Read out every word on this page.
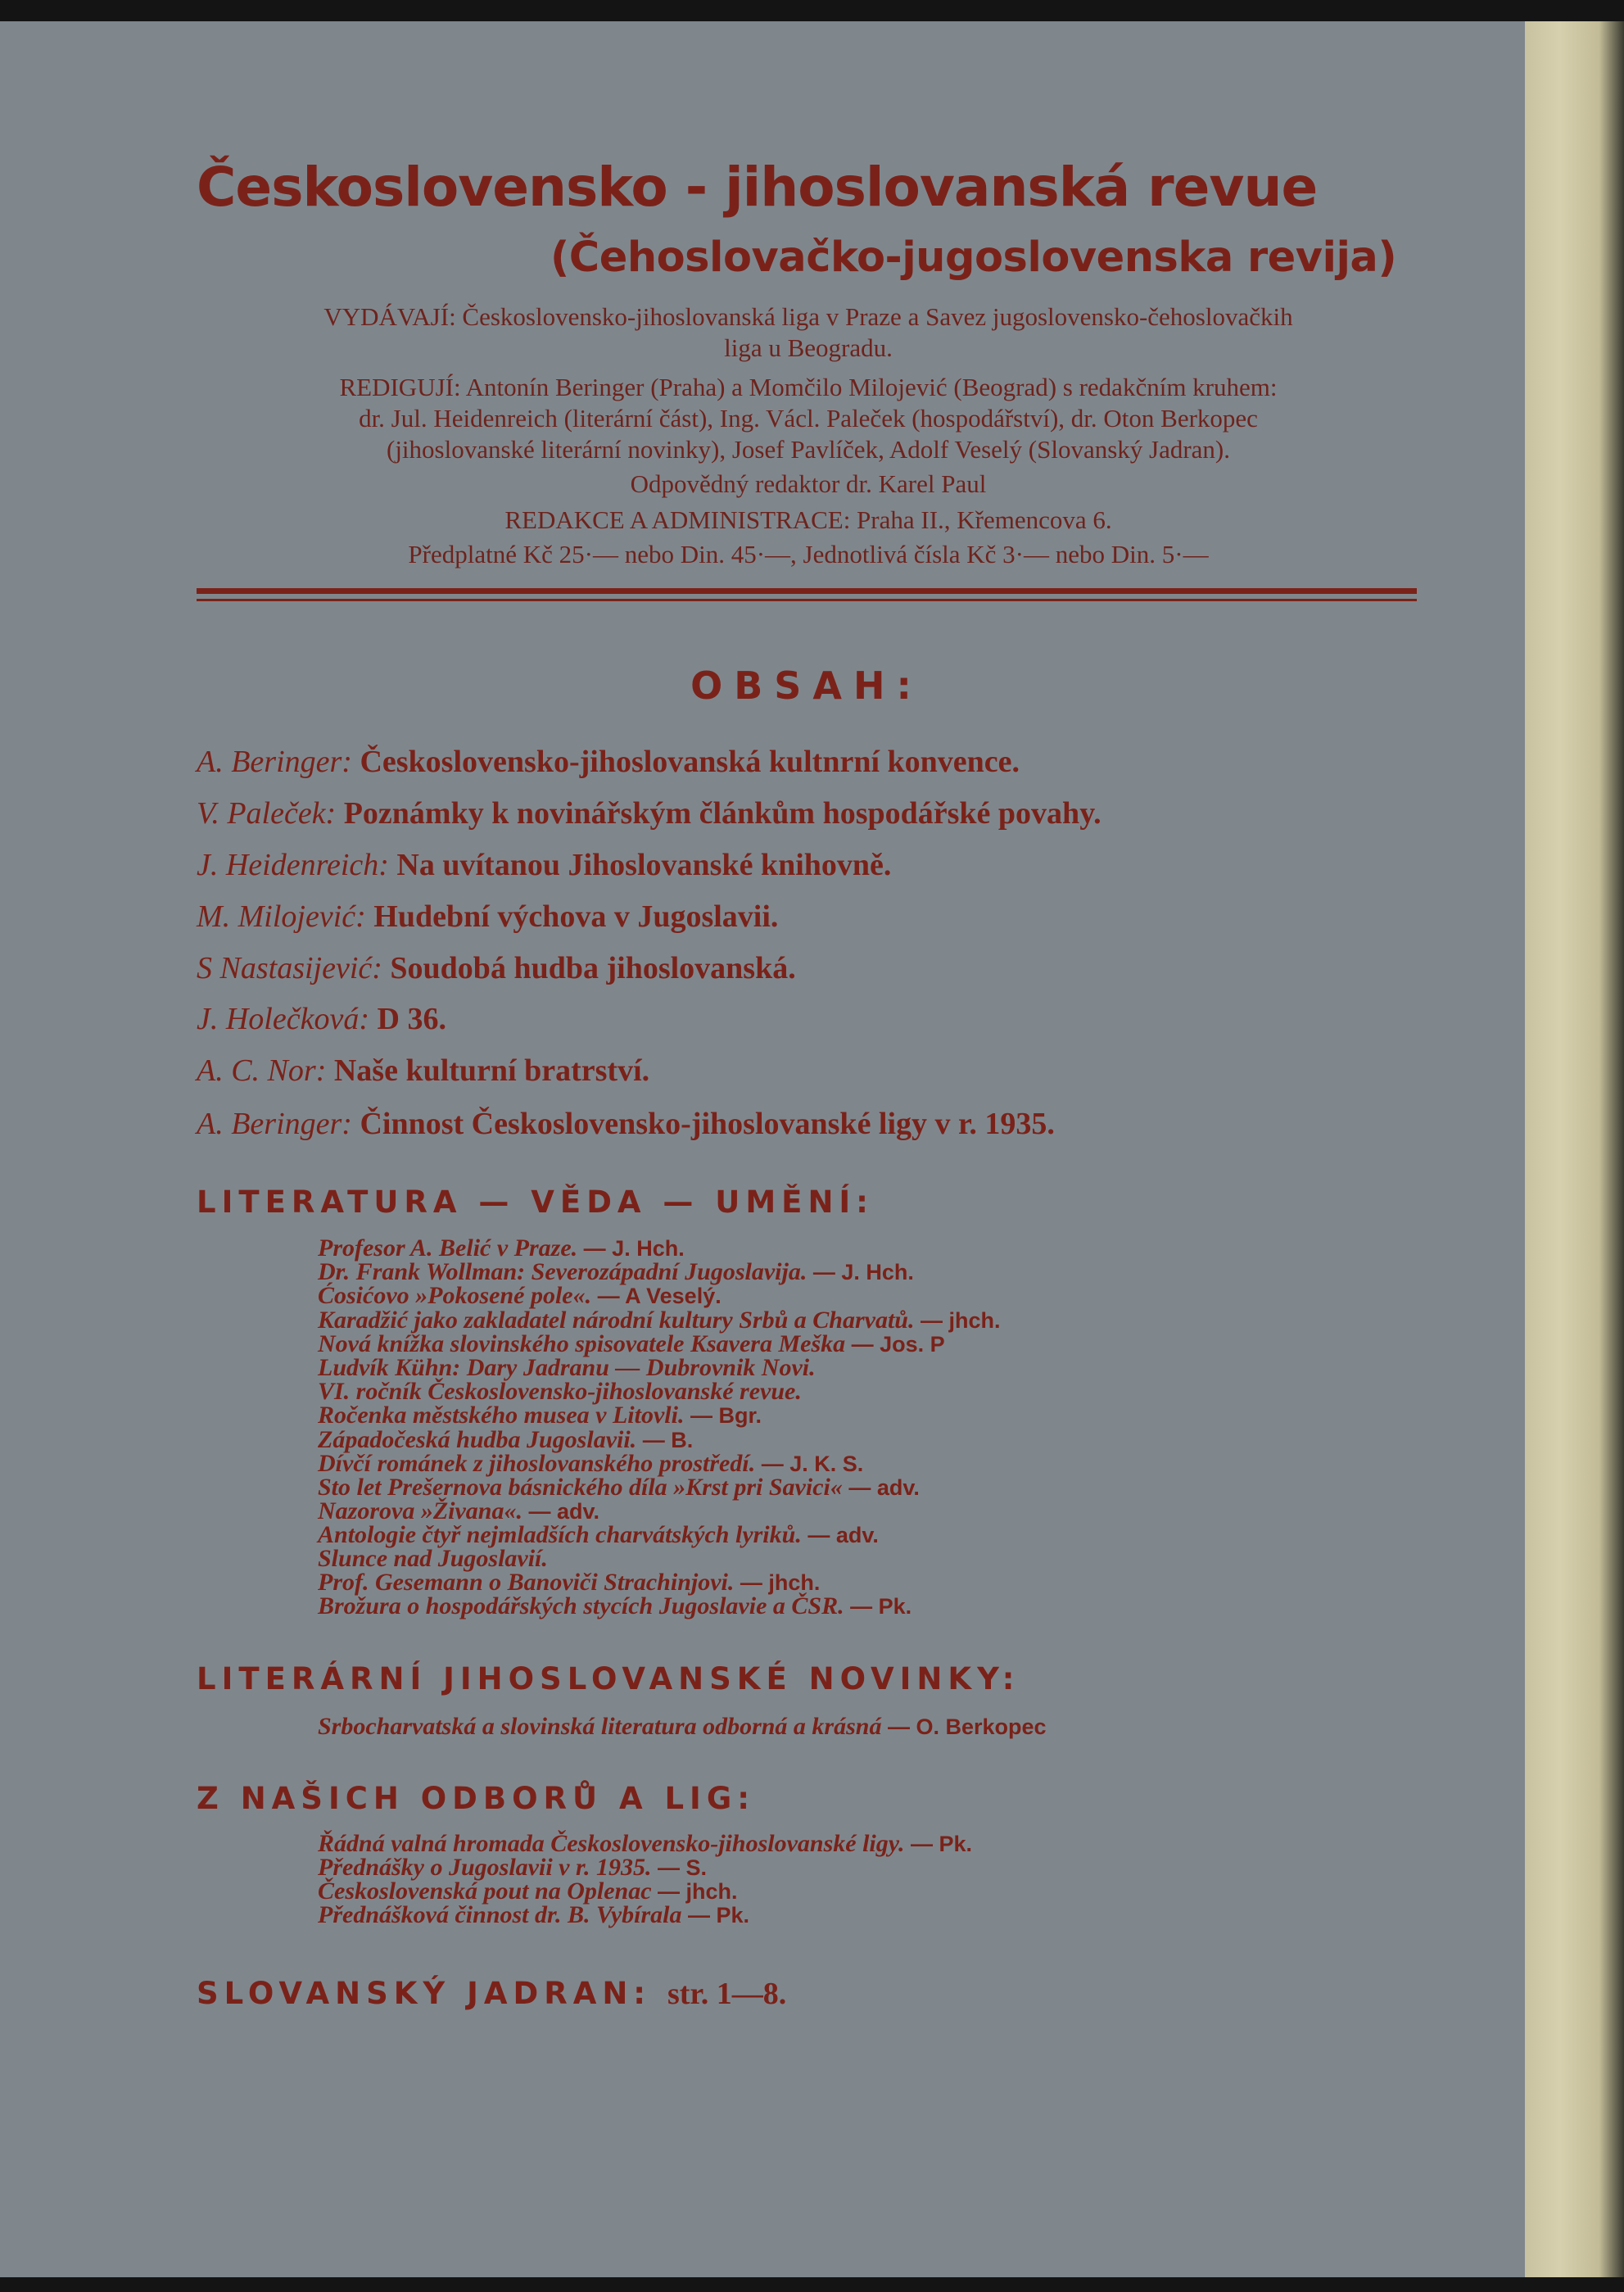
Československo - jihoslovanská revue
(Čehoslovačko-jugoslovenska revija)
VYDÁVAJÍ: Československo-jihoslovanská liga v Praze a Savez jugoslovensko-čehoslovačkih
liga u Beogradu.
REDIGUJÍ: Antonín Beringer (Praha) a Momčilo Milojević (Beograd) s redakčním kruhem:
dr. Jul. Heidenreich (literární část), Ing. Václ. Paleček (hospodářství), dr. Oton Berkopec
(jihoslovanské literární novinky), Josef Pavlíček, Adolf Veselý (Slovanský Jadran).
Odpovědný redaktor dr. Karel Paul
REDAKCE A ADMINISTRACE: Praha II., Křemencova 6.
Předplatné Kč 25·— nebo Din. 45·—, Jednotlivá čísla Kč 3·— nebo Din. 5·—
OBSAH:
A. Beringer: Československo-jihoslovanská kultnrní konvence.
V. Paleček: Poznámky k novinářským článkům hospodářské povahy.
J. Heidenreich: Na uvítanou Jihoslovanské knihovně.
M. Milojević: Hudební výchova v Jugoslavii.
S Nastasijević: Soudobá hudba jihoslovanská.
J. Holečková: D 36.
A. C. Nor: Naše kulturní bratrství.
A. Beringer: Činnost Československo-jihoslovanské ligy v r. 1935.
LITERATURA — VĚDA — UMĚNÍ:
Profesor A. Belić v Praze. — J. Hch.
Dr. Frank Wollman: Severozápadní Jugoslavija. — J. Hch.
Ćosićovo »Pokosené pole«. — A Veselý.
Karadžić jako zakladatel národní kultury Srbů a Charvatů. — jhch.
Nová knížka slovinského spisovatele Ksavera Meška — Jos. P
Ludvík Kühn: Dary Jadranu — Dubrovnik Novi.
VI. ročník Československo-jihoslovanské revue.
Ročenka městského musea v Litovli. — Bgr.
Západočeská hudba Jugoslavii. — B.
Dívčí románek z jihoslovanského prostředí. — J. K. S.
Sto let Prešernova básnického díla »Krst pri Savici« — adv.
Nazorova »Živana«. — adv.
Antologie čtyř nejmladších charvátských lyriků. — adv.
Slunce nad Jugoslavií.
Prof. Gesemann o Banoviči Strachinjovi. — jhch.
Brožura o hospodářských stycích Jugoslavie a ČSR. — Pk.
LITERÁRNÍ JIHOSLOVANSKÉ NOVINKY:
Srbocharvatská a slovinská literatura odborná a krásná — O. Berkopec
Z NAŠICH ODBORŮ A LIG:
Řádná valná hromada Československo-jihoslovanské ligy. — Pk.
Přednášky o Jugoslavii v r. 1935. — S.
Československá pout na Oplenac — jhch.
Přednášková činnost dr. B. Vybírala — Pk.
SLOVANSKÝ JADRAN: str. 1—8.
